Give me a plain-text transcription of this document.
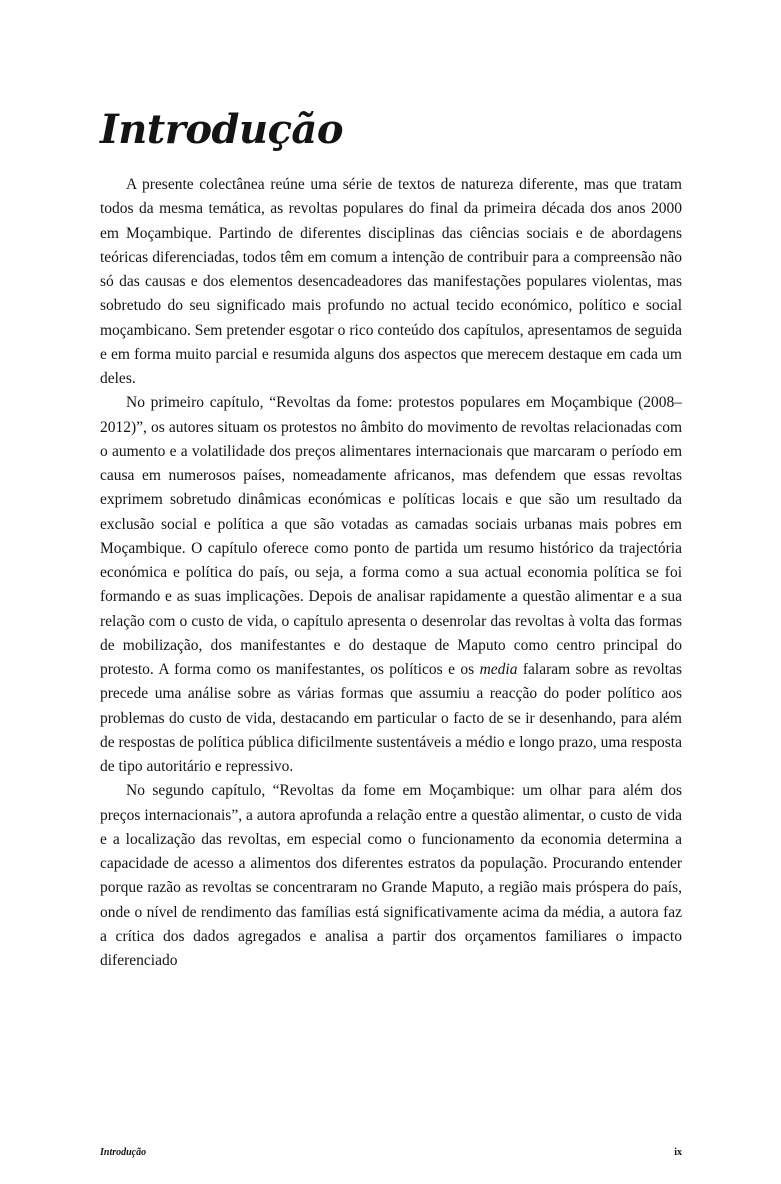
Introdução

A presente colectânea reúne uma série de textos de natureza diferente, mas que tratam todos da mesma temática, as revoltas populares do final da primeira década dos anos 2000 em Moçambique. Partindo de diferentes disciplinas das ciências sociais e de abordagens teóricas diferenciadas, todos têm em comum a intenção de contribuir para a compreensão não só das causas e dos elementos desencadeadores das manifestações populares violentas, mas sobretudo do seu significado mais profundo no actual tecido económico, político e social moçambicano. Sem pretender esgotar o rico conteúdo dos capítulos, apresentamos de seguida e em forma muito parcial e resumida alguns dos aspectos que merecem destaque em cada um deles.

No primeiro capítulo, “Revoltas da fome: protestos populares em Moçambique (2008–2012)”, os autores situam os protestos no âmbito do movimento de revoltas relacionadas com o aumento e a volatilidade dos preços alimentares internacionais que marcaram o período em causa em numerosos países, nomeadamente africanos, mas defendem que essas revoltas exprimem sobretudo dinâmicas económicas e políticas locais e que são um resultado da exclusão social e política a que são votadas as camadas sociais urbanas mais pobres em Moçambique. O capítulo oferece como ponto de partida um resumo histórico da trajectória económica e política do país, ou seja, a forma como a sua actual economia política se foi formando e as suas implicações. Depois de analisar rapidamente a questão alimentar e a sua relação com o custo de vida, o capítulo apresenta o desenrolar das revoltas à volta das formas de mobilização, dos manifestantes e do destaque de Maputo como centro principal do protesto. A forma como os manifestantes, os políticos e os media falaram sobre as revoltas precede uma análise sobre as várias formas que assumiu a reacção do poder político aos problemas do custo de vida, destacando em particular o facto de se ir desenhando, para além de respostas de política pública dificilmente sustentáveis a médio e longo prazo, uma resposta de tipo autoritário e repressivo.

No segundo capítulo, “Revoltas da fome em Moçambique: um olhar para além dos preços internacionais”, a autora aprofunda a relação entre a questão alimentar, o custo de vida e a localização das revoltas, em especial como o funcionamento da economia determina a capacidade de acesso a alimentos dos diferentes estratos da população. Procurando entender porque razão as revoltas se concentraram no Grande Maputo, a região mais próspera do país, onde o nível de rendimento das famílias está significativamente acima da média, a autora faz a crítica dos dados agregados e analisa a partir dos orçamentos familiares o impacto diferenciado

Introdução	ix
